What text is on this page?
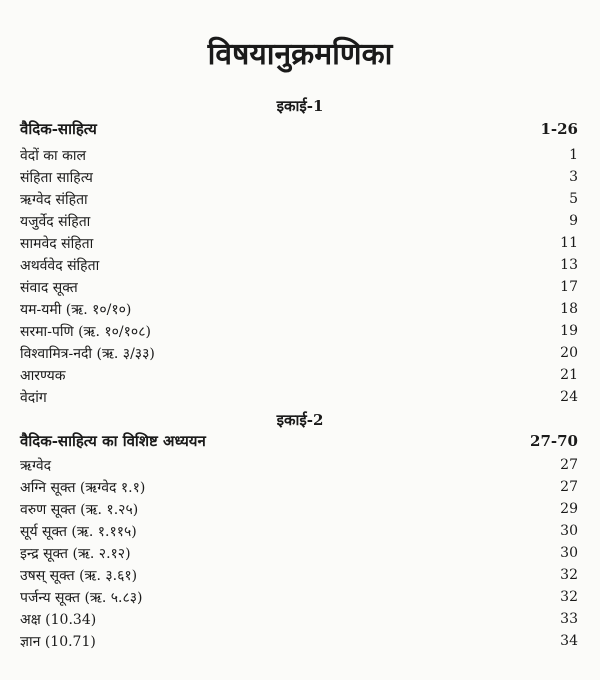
विषयानुक्रमणिका
इकाई-1
वैदिक-साहित्य	1-26
वेदों का काल	1
संहिता साहित्य	3
ऋग्वेद संहिता	5
यजुर्वेद संहिता	9
सामवेद संहिता	11
अथर्ववेद संहिता	13
संवाद सूक्त	17
यम-यमी (ऋ. १०/१०)	18
सरमा-पणि (ऋ. १०/१०८)	19
विश्वामित्र-नदी (ऋ. ३/३३)	20
आरण्यक	21
वेदांग	24
इकाई-2
वैदिक-साहित्य का विशिष्ट अध्ययन	27-70
ऋग्वेद	27
अग्नि सूक्त (ऋग्वेद १.१)	27
वरुण सूक्त (ऋ. १.२५)	29
सूर्य सूक्त (ऋ. १.११५)	30
इन्द्र सूक्त (ऋ. २.१२)	30
उषस् सूक्त (ऋ. ३.६१)	32
पर्जन्य सूक्त (ऋ. ५.८३)	32
अक्ष (10.34)	33
ज्ञान (10.71)	34
